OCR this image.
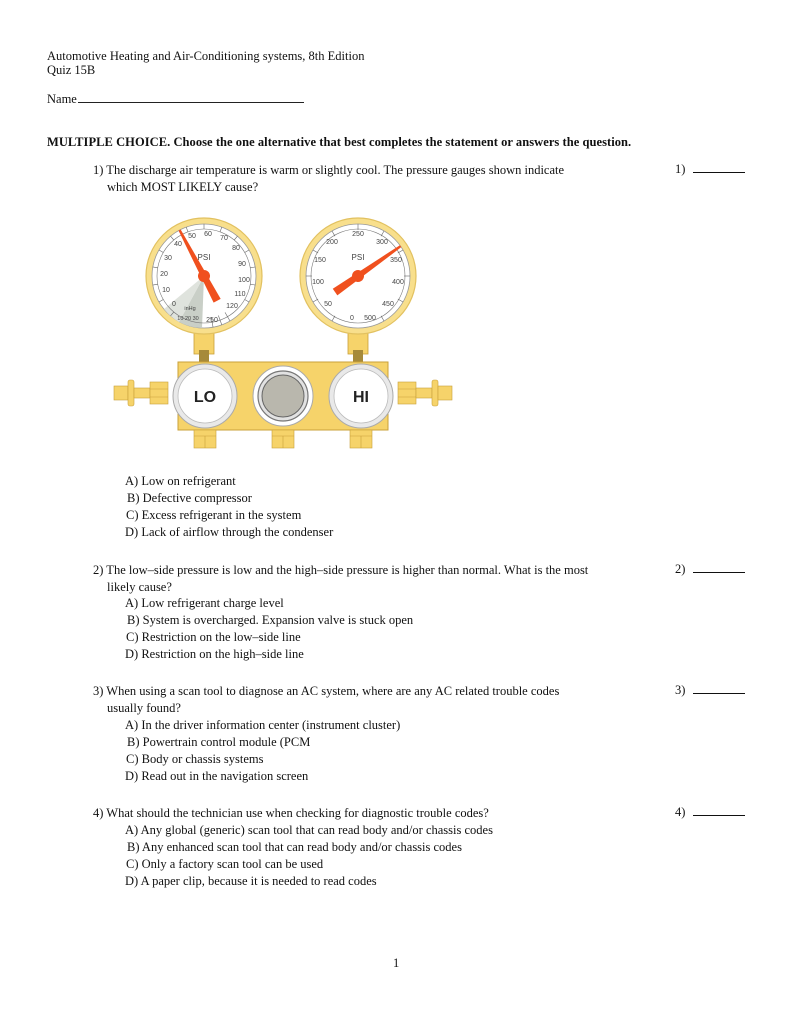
Automotive Heating and Air-Conditioning systems, 8th Edition
Quiz 15B
Name
MULTIPLE CHOICE. Choose the one alternative that best completes the statement or answers the question.
1) The discharge air temperature is warm or slightly cool. The pressure gauges shown indicate
which MOST LIKELY cause?
1)
0
10
20
30
40
50 60
70
80
90
100
110
120
250
inHg
10 20 30
PSI
0
50
100
150
200
250
300
350
400
450
500
PSI
LO	HI
A) Low on refrigerant
B) Defective compressor
C) Excess refrigerant in the system
D) Lack of airflow through the condenser
2) The low–side pressure is low and the high–side pressure is higher than normal. What is the most
likely cause?
2)
A) Low refrigerant charge level
B) System is overcharged. Expansion valve is stuck open
C) Restriction on the low–side line
D) Restriction on the high–side line
3) When using a scan tool to diagnose an AC system, where are any AC related trouble codes
usually found?
3)
A) In the driver information center (instrument cluster)
B) Powertrain control module (PCM
C) Body or chassis systems
D) Read out in the navigation screen
4) What should the technician use when checking for diagnostic trouble codes?	4)
A) Any global (generic) scan tool that can read body and/or chassis codes
B) Any enhanced scan tool that can read body and/or chassis codes
C) Only a factory scan tool can be used
D) A paper clip, because it is needed to read codes
1
